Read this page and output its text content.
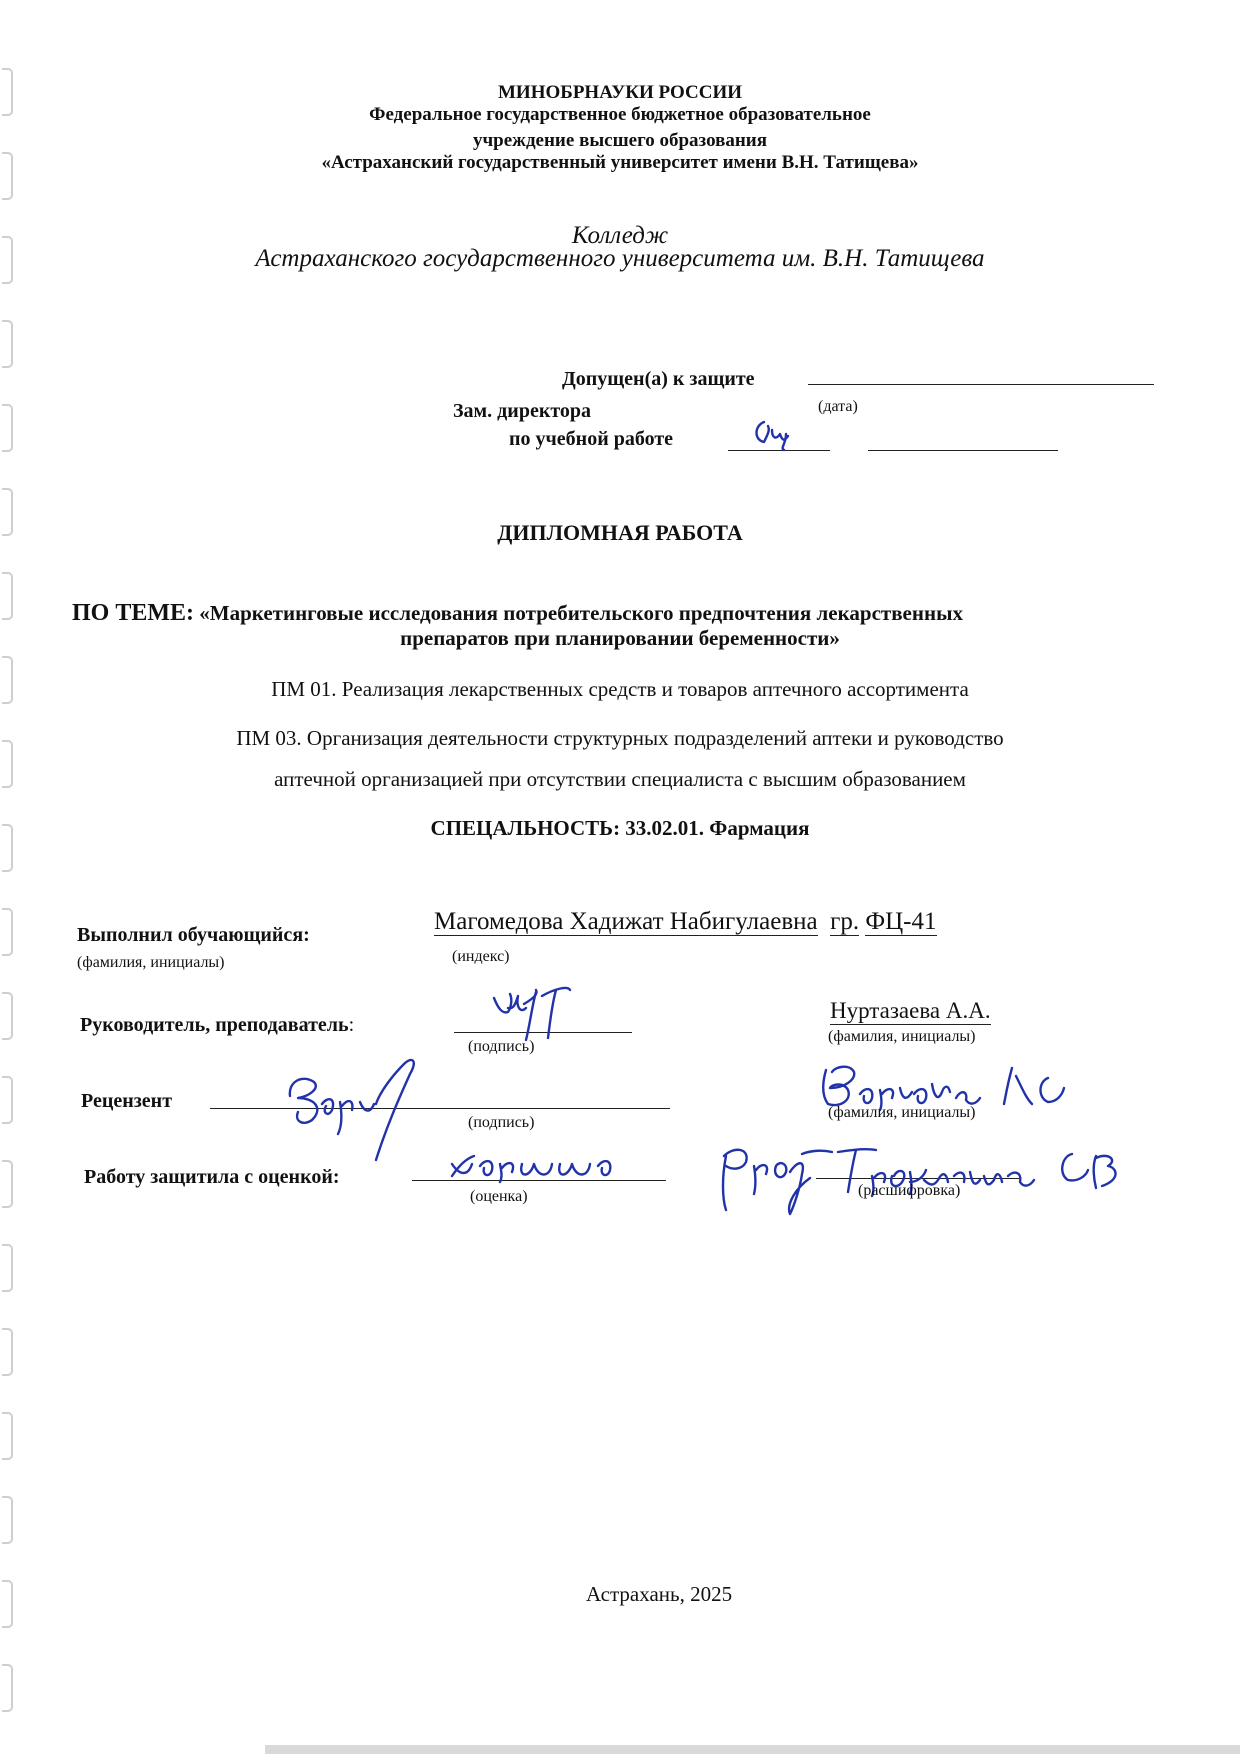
МИНОБРНАУКИ РОССИИ
Федеральное государственное бюджетное образовательное
учреждение высшего образования
«Астраханский государственный университет имени В.Н. Татищева»
Колледж
Астраханского государственного университета им. В.Н. Татищева
Допущен(а) к защите
Зам. директора	(дата)
по учебной работе
ДИПЛОМНАЯ РАБОТА
ПО ТЕМЕ: «Маркетинговые исследования потребительского предпочтения лекарственных
препаратов при планировании беременности»
ПМ 01. Реализация лекарственных средств и товаров аптечного ассортимента
ПМ 03. Организация деятельности структурных подразделений аптеки и руководство
аптечной организацией при отсутствии специалиста с высшим образованием
СПЕЦАЛЬНОСТЬ: 33.02.01. Фармация
Выполнил обучающийся:
(фамилия, инициалы)
Магомедова Хадижат Набигулаевна гр. ФЦ-41
(индекс)
Руководитель, преподаватель:
(подпись)
Нуртазаева А.А.
(фамилия, инициалы)
Рецензент
(подпись)
(фамилия, инициалы)
Работу защитила с оценкой:
(оценка)	(расшифровка)
Астрахань, 2025
